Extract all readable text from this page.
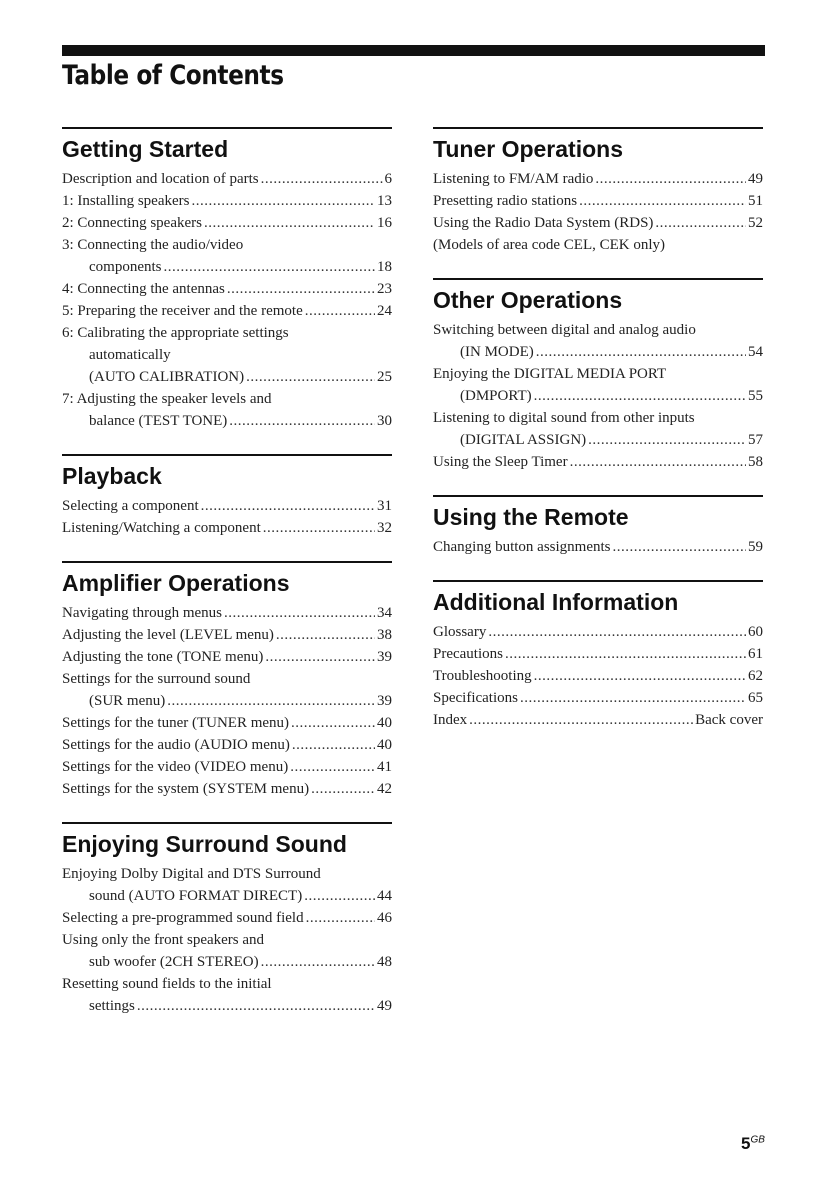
Table of Contents
Getting Started
Description and location of parts .....	6
1: Installing speakers .....	13
2: Connecting speakers .....	16
3: Connecting the audio/video
components .....	18
4: Connecting the antennas .....	23
5: Preparing the receiver and the remote .....	24
6: Calibrating the appropriate settings
automatically
(AUTO CALIBRATION) .....	25
7: Adjusting the speaker levels and
balance (TEST TONE) .....	30
Playback
Selecting a component .....	31
Listening/Watching a component .....	32
Amplifier Operations
Navigating through menus .....	34
Adjusting the level (LEVEL menu) .....	38
Adjusting the tone (TONE menu) .....	39
Settings for the surround sound
(SUR menu) .....	39
Settings for the tuner (TUNER menu) .....	40
Settings for the audio (AUDIO menu) .....	40
Settings for the video (VIDEO menu) .....	41
Settings for the system (SYSTEM menu) .....	42
Enjoying Surround Sound
Enjoying Dolby Digital and DTS Surround
sound (AUTO FORMAT DIRECT) .....	44
Selecting a pre-programmed sound field .....	46
Using only the front speakers and
sub woofer (2CH STEREO) .....	48
Resetting sound fields to the initial
settings .....	49
Tuner Operations
Listening to FM/AM radio .....	49
Presetting radio stations .....	51
Using the Radio Data System (RDS) .....	52
(Models of area code CEL, CEK only)
Other Operations
Switching between digital and analog audio
(IN MODE) .....	54
Enjoying the DIGITAL MEDIA PORT
(DMPORT) .....	55
Listening to digital sound from other inputs
(DIGITAL ASSIGN) .....	57
Using the Sleep Timer .....	58
Using the Remote
Changing button assignments .....	59
Additional Information
Glossary .....	60
Precautions .....	61
Troubleshooting .....	62
Specifications .....	65
Index .....	Back cover
$5^{GB}$
